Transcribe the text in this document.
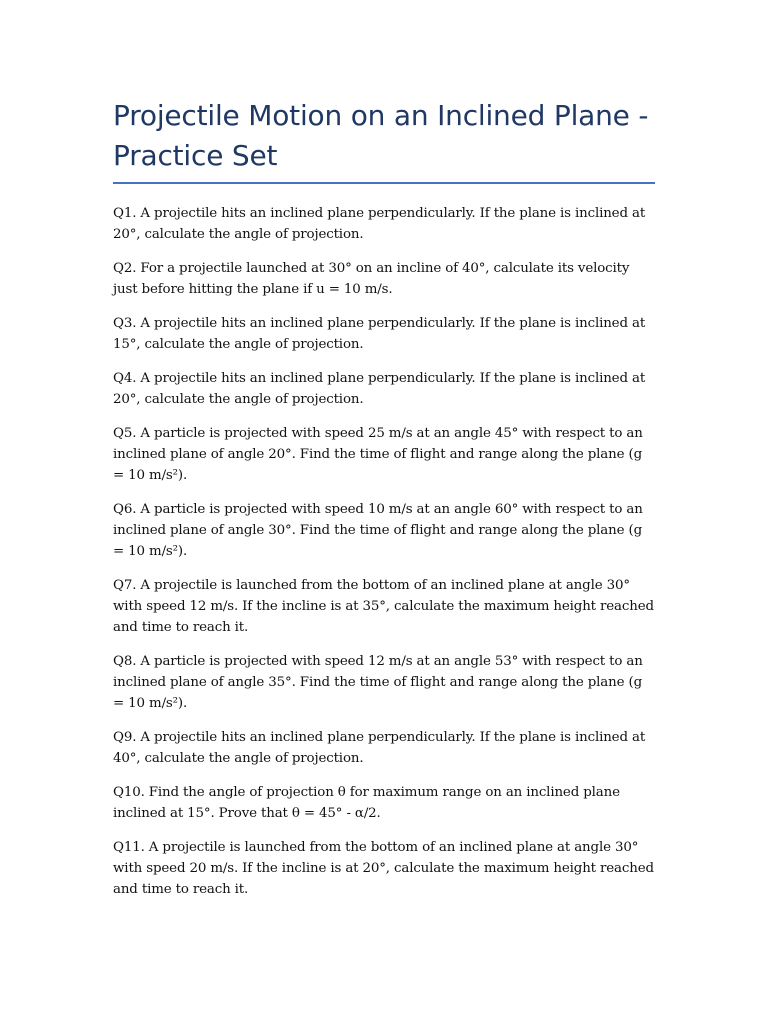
Projectile Motion on an Inclined Plane - Practice Set
Q1. A projectile hits an inclined plane perpendicularly. If the plane is inclined at 20°, calculate the angle of projection.
Q2. For a projectile launched at 30° on an incline of 40°, calculate its velocity just before hitting the plane if u = 10 m/s.
Q3. A projectile hits an inclined plane perpendicularly. If the plane is inclined at 15°, calculate the angle of projection.
Q4. A projectile hits an inclined plane perpendicularly. If the plane is inclined at 20°, calculate the angle of projection.
Q5. A particle is projected with speed 25 m/s at an angle 45° with respect to an inclined plane of angle 20°. Find the time of flight and range along the plane (g = 10 m/s²).
Q6. A particle is projected with speed 10 m/s at an angle 60° with respect to an inclined plane of angle 30°. Find the time of flight and range along the plane (g = 10 m/s²).
Q7. A projectile is launched from the bottom of an inclined plane at angle 30° with speed 12 m/s. If the incline is at 35°, calculate the maximum height reached and time to reach it.
Q8. A particle is projected with speed 12 m/s at an angle 53° with respect to an inclined plane of angle 35°. Find the time of flight and range along the plane (g = 10 m/s²).
Q9. A projectile hits an inclined plane perpendicularly. If the plane is inclined at 40°, calculate the angle of projection.
Q10. Find the angle of projection θ for maximum range on an inclined plane inclined at 15°. Prove that θ = 45° - α/2.
Q11. A projectile is launched from the bottom of an inclined plane at angle 30° with speed 20 m/s. If the incline is at 20°, calculate the maximum height reached and time to reach it.
